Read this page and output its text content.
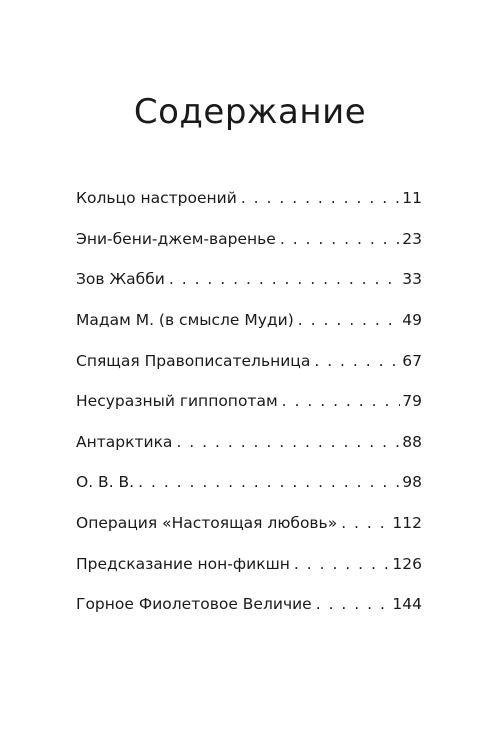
Содержание
Кольцо настроений . . .	11
Эни-бени-джем-варенье . . .	23
Зов Жабби . . .	33
Мадам М. (в смысле Муди) . . .	49
Спящая Правописательница . . .	67
Несуразный гиппопотам . . .	79
Антарктика . . .	88
О. В. В. . . .	98
Операция «Настоящая любовь» . . .	112
Предсказание нон-фикшн . . .	126
Горное Фиолетовое Величие . . .	144
